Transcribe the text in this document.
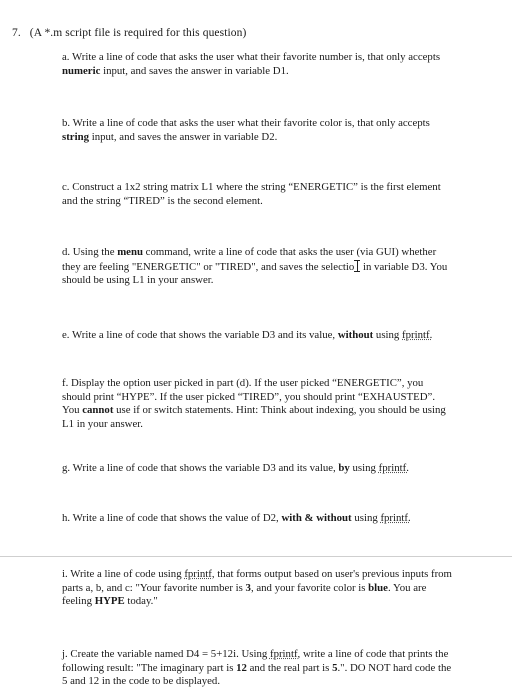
7. (A *.m script file is required for this question)
a. Write a line of code that asks the user what their favorite number is, that only accepts numeric input, and saves the answer in variable D1.
b. Write a line of code that asks the user what their favorite color is, that only accepts string input, and saves the answer in variable D2.
c. Construct a 1x2 string matrix L1 where the string “ENERGETIC” is the first element and the string “TIRED” is the second element.
d. Using the menu command, write a line of code that asks the user (via GUI) whether they are feeling "ENERGETIC" or "TIRED", and saves the selectio in variable D3. You should be using L1 in your answer.
e. Write a line of code that shows the variable D3 and its value, without using fprintf.
f. Display the option user picked in part (d). If the user picked “ENERGETIC”, you should print “HYPE”. If the user picked “TIRED”, you should print “EXHAUSTED”. You cannot use if or switch statements. Hint: Think about indexing, you should be using L1 in your answer.
g. Write a line of code that shows the variable D3 and its value, by using fprintf.
h. Write a line of code that shows the value of D2, with & without using fprintf.
i. Write a line of code using fprintf, that forms output based on user's previous inputs from parts a, b, and c: "Your favorite number is 3, and your favorite color is blue. You are feeling HYPE today."
j. Create the variable named D4 = 5+12i. Using fprintf, write a line of code that prints the following result: "The imaginary part is 12 and the real part is 5.". DO NOT hard code the 5 and 12 in the code to be displayed.
